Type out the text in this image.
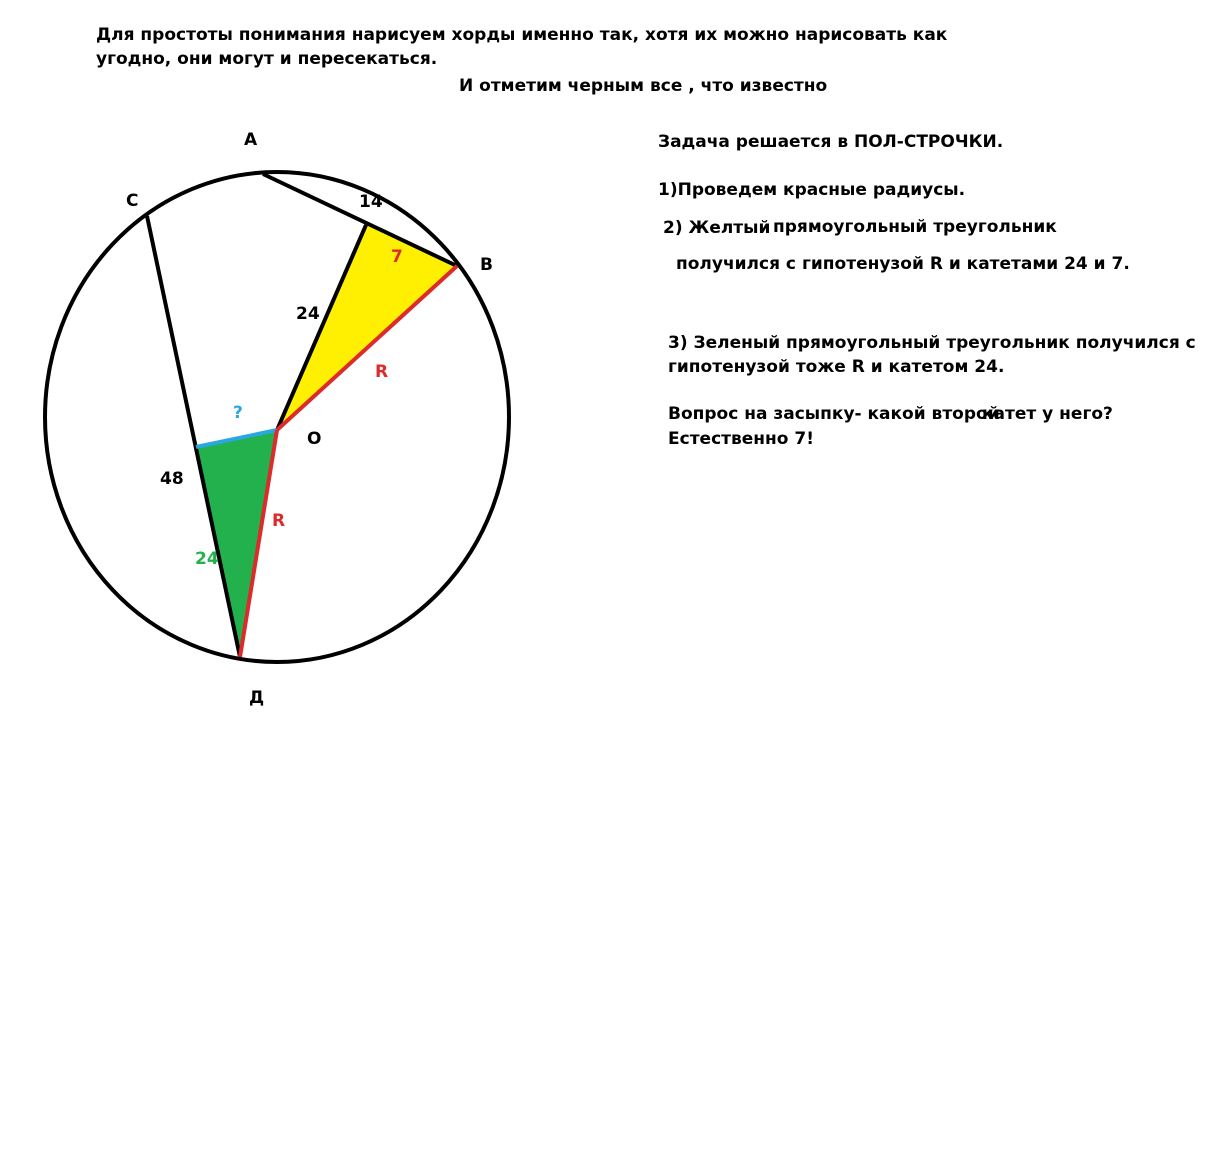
Для простоты понимания нарисуем хорды именно так, хотя их можно нарисовать как
угодно, они могут и пересекаться.
И отметим черным все , что известно
A
C
B
O
Д
14
7
24
R
?
48
R
24
Задача решается в ПОЛ-СТРОЧКИ.
1)Проведем красные радиусы.
2) Желтый прямоугольный треугольник
получился с гипотенузой R и катетами 24 и 7.
3) Зеленый прямоугольный треугольник получился с
гипотенузой тоже R и катетом 24.
Вопрос на засыпку- какой второй
катет у него?
Естественно 7!
